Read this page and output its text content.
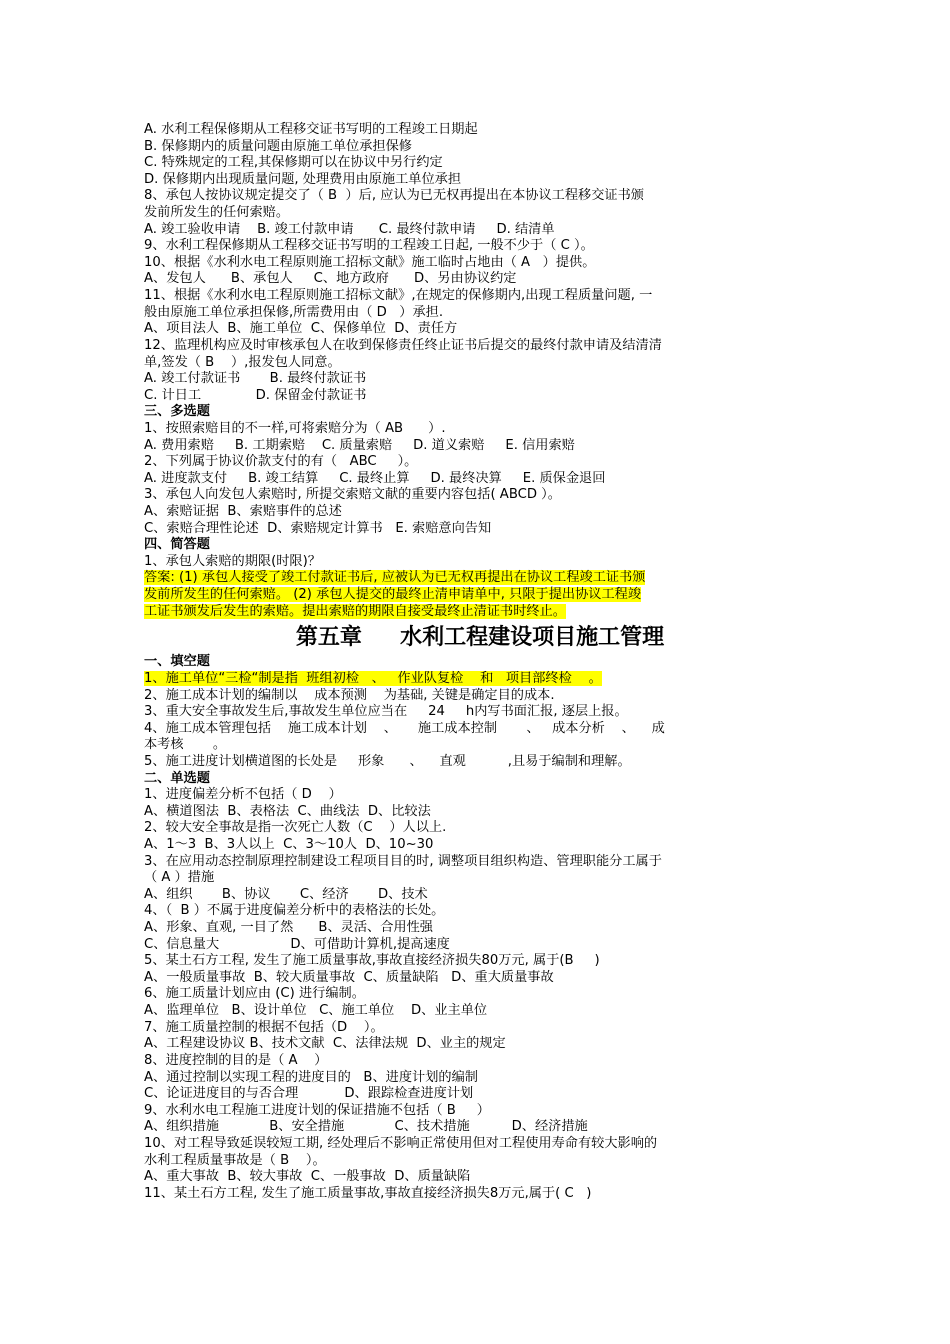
A. 水利工程保修期从工程移交证书写明的工程竣工日期起
B. 保修期内的质量问题由原施工单位承担保修
C. 特殊规定的工程,其保修期可以在协议中另行约定
D. 保修期内出现质量问题, 处理费用由原施工单位承担
8、承包人按协议规定提交了（ B  ）后, 应认为已无权再提出在本协议工程移交证书颁
发前所发生的任何索赔。
A. 竣工验收申请    B. 竣工付款申请      C. 最终付款申请     D. 结清单
9、水利工程保修期从工程移交证书写明的工程竣工日起, 一般不少于（ C ）。
10、根据《水利水电工程原则施工招标文献》施工临时占地由（ A   ）提供。
A、发包人      B、承包人     C、地方政府      D、另由协议约定
11、根据《水利水电工程原则施工招标文献》,在规定的保修期内,出现工程质量问题, 一
般由原施工单位承担保修,所需费用由（ D   ）承担.
A、项目法人  B、施工单位  C、保修单位  D、责任方
12、监理机构应及时审核承包人在收到保修责任终止证书后提交的最终付款申请及结清清
单,签发（ B    ）,报发包人同意。
A. 竣工付款证书       B. 最终付款证书
C. 计日工             D. 保留金付款证书
三、多选题
1、按照索赔目的不一样,可将索赔分为（ AB      ）.
A. 费用索赔     B. 工期索赔    C. 质量索赔     D. 道义索赔     E. 信用索赔
2、下列属于协议价款支付的有（   ABC     ）。
A. 进度款支付     B. 竣工结算     C. 最终止算     D. 最终决算     E. 质保金退回
3、承包人向发包人索赔时, 所提交索赔文献的重要内容包括( ABCD ）。
A、索赔证据  B、索赔事件的总述
C、索赔合理性论述  D、索赔规定计算书   E. 索赔意向告知
四、简答题
1、承包人索赔的期限(时限)？
答案: (1) 承包人接受了竣工付款证书后, 应被认为已无权再提出在协议工程竣工证书颁
发前所发生的任何索赔。 (2) 承包人提交的最终止清申请单中, 只限于提出协议工程竣
工证书颁发后发生的索赔。提出索赔的期限自接受最终止清证书时终止。
第五章     水利工程建设项目施工管理
一、填空题
1、施工单位“三检“制是指  班组初检   、   作业队复检    和   项目部终检    。
2、施工成本计划的编制以    成本预测    为基础, 关键是确定目的成本.
3、重大安全事故发生后,事故发生单位应当在     24     h内写书面汇报, 逐层上报。
4、施工成本管理包括    施工成本计划    、     施工成本控制       、   成本分析    、    成
本考核       。
5、施工进度计划横道图的长处是     形象      、    直观          ,且易于编制和理解。
二、单选题
1、进度偏差分析不包括（ D    ）
A、横道图法  B、表格法  C、曲线法  D、比较法
2、较大安全事故是指一次死亡人数（C    ）人以上.
A、1～3  B、3人以上  C、3～10人  D、10~30
3、在应用动态控制原理控制建设工程项目目的时, 调整项目组织构造、管理职能分工属于
（ A ）措施
A、组织       B、协议       C、经济       D、技术
4、（  B ）不属于进度偏差分析中的表格法的长处。
A、形象、直观, 一目了然      B、灵活、合用性强
C、信息量大                 D、可借助计算机,提高速度
5、某土石方工程, 发生了施工质量事故,事故直接经济损失80万元, 属于(B     )
A、一般质量事故  B、较大质量事故  C、质量缺陷   D、重大质量事故
6、施工质量计划应由 (C) 进行编制。
A、监理单位   B、设计单位   C、施工单位    D、业主单位
7、施工质量控制的根据不包括（D    ）。
A、工程建设协议 B、技术文献  C、法律法规  D、业主的规定
8、进度控制的目的是（ A    ）
A、通过控制以实现工程的进度目的   B、进度计划的编制
C、论证进度目的与否合理           D、跟踪检查进度计划
9、水利水电工程施工进度计划的保证措施不包括（ B     ）
A、组织措施            B、安全措施            C、技术措施          D、经济措施
10、对工程导致延误较短工期, 经处理后不影响正常使用但对工程使用寿命有较大影响的
水利工程质量事故是（ B    ）。
A、重大事故  B、较大事故  C、一般事故  D、质量缺陷
11、某土石方工程, 发生了施工质量事故,事故直接经济损失8万元,属于( C   )
